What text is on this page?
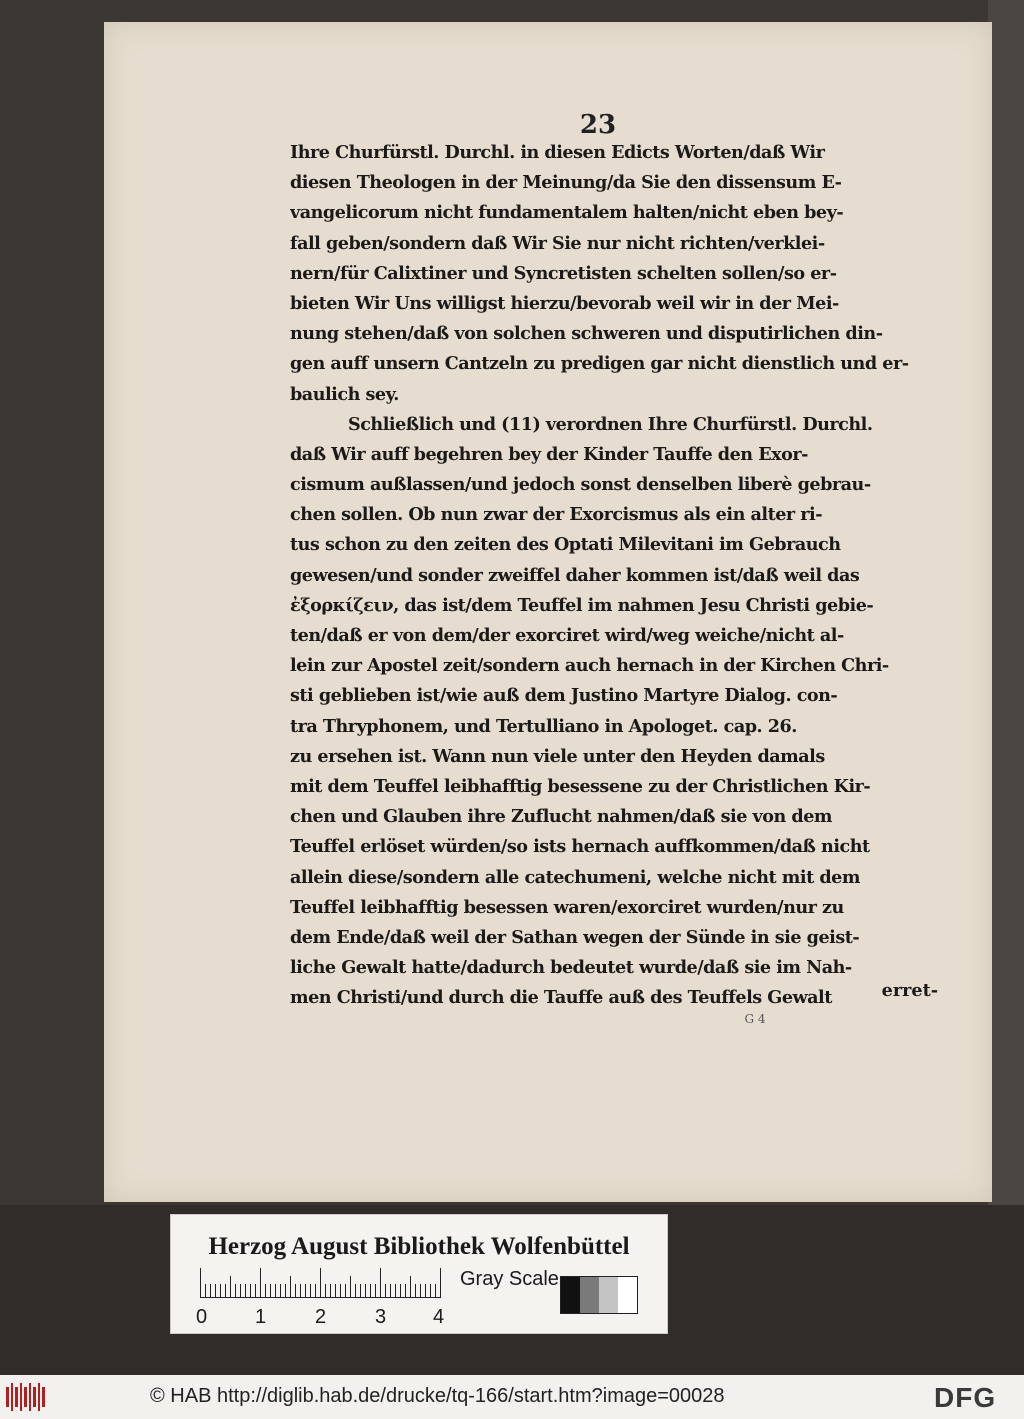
23
Ihre Churfürstl. Durchl. in diesen Edicts Worten/daß Wir
diesen Theologen in der Meinung/da Sie den dissensum E-
vangelicorum nicht fundamentalem halten/nicht eben bey-
fall geben/sondern daß Wir Sie nur nicht richten/verklei-
nern/für Calixtiner und Syncretisten schelten sollen/so er-
bieten Wir Uns willigst hierzu/bevorab weil wir in der Mei-
nung stehen/daß von solchen schweren und disputirlichen din-
gen auff unsern Cantzeln zu predigen gar nicht dienstlich und er-
baulich sey.
Schließlich und (11) verordnen Ihre Churfürstl. Durchl.
daß Wir auff begehren bey der Kinder Tauffe den Exor-
cismum außlassen/und jedoch sonst denselben liberè gebrau-
chen sollen. Ob nun zwar der Exorcismus als ein alter ri-
tus schon zu den zeiten des Optati Milevitani im Gebrauch
gewesen/und sonder zweiffel daher kommen ist/daß weil das
ἐξορκίζειν, das ist/dem Teuffel im nahmen Jesu Christi gebie-
ten/daß er von dem/der exorciret wird/weg weiche/nicht al-
lein zur Apostel zeit/sondern auch hernach in der Kirchen Chri-
sti geblieben ist/wie auß dem Justino Martyre Dialog. con-
tra Thryphonem, und Tertulliano in Apologet. cap. 26.
zu ersehen ist. Wann nun viele unter den Heyden damals
mit dem Teuffel leibhafftig besessene zu der Christlichen Kir-
chen und Glauben ihre Zuflucht nahmen/daß sie von dem
Teuffel erlöset würden/so ists hernach auffkommen/daß nicht
allein diese/sondern alle catechumeni, welche nicht mit dem
Teuffel leibhafftig besessen waren/exorciret wurden/nur zu
dem Ende/daß weil der Sathan wegen der Sünde in sie geist-
liche Gewalt hatte/dadurch bedeutet wurde/daß sie im Nah-
men Christi/und durch die Tauffe auß des Teuffels Gewalt	erret-
G 4
Herzog August Bibliothek Wolfenbüttel
0 1 2 3 4
Gray Scale
© HAB http://diglib.hab.de/drucke/tq-166/start.htm?image=00028	DFG
